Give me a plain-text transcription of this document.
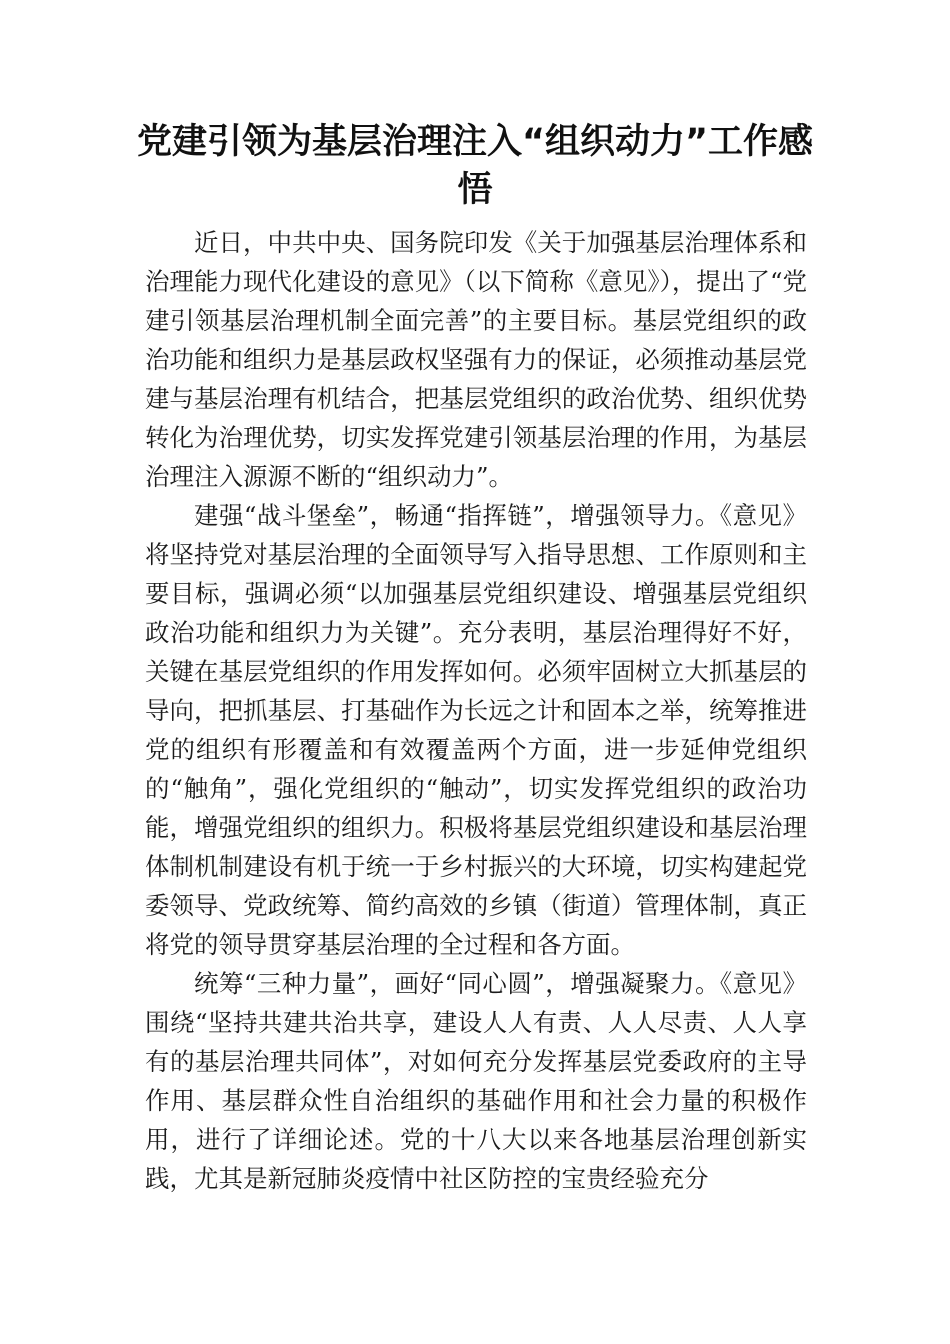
党建引领为基层治理注入“组织动力”工作感悟

近日，中共中央、国务院印发《关于加强基层治理体系和治理能力现代化建设的意见》（以下简称《意见》），提出了“党建引领基层治理机制全面完善”的主要目标。基层党组织的政治功能和组织力是基层政权坚强有力的保证，必须推动基层党建与基层治理有机结合，把基层党组织的政治优势、组织优势转化为治理优势，切实发挥党建引领基层治理的作用，为基层治理注入源源不断的“组织动力”。

建强“战斗堡垒”，畅通“指挥链”，增强领导力。《意见》将坚持党对基层治理的全面领导写入指导思想、工作原则和主要目标，强调必须“以加强基层党组织建设、增强基层党组织政治功能和组织力为关键”。充分表明，基层治理得好不好，关键在基层党组织的作用发挥如何。必须牢固树立大抓基层的导向，把抓基层、打基础作为长远之计和固本之举，统筹推进党的组织有形覆盖和有效覆盖两个方面，进一步延伸党组织的“触角”，强化党组织的“触动”，切实发挥党组织的政治功能，增强党组织的组织力。积极将基层党组织建设和基层治理体制机制建设有机于统一于乡村振兴的大环境，切实构建起党委领导、党政统筹、简约高效的乡镇（街道）管理体制，真正将党的领导贯穿基层治理的全过程和各方面。

统筹“三种力量”，画好“同心圆”，增强凝聚力。《意见》围绕“坚持共建共治共享，建设人人有责、人人尽责、人人享有的基层治理共同体”，对如何充分发挥基层党委政府的主导作用、基层群众性自治组织的基础作用和社会力量的积极作用，进行了详细论述。党的十八大以来各地基层治理创新实践，尤其是新冠肺炎疫情中社区防控的宝贵经验充分
